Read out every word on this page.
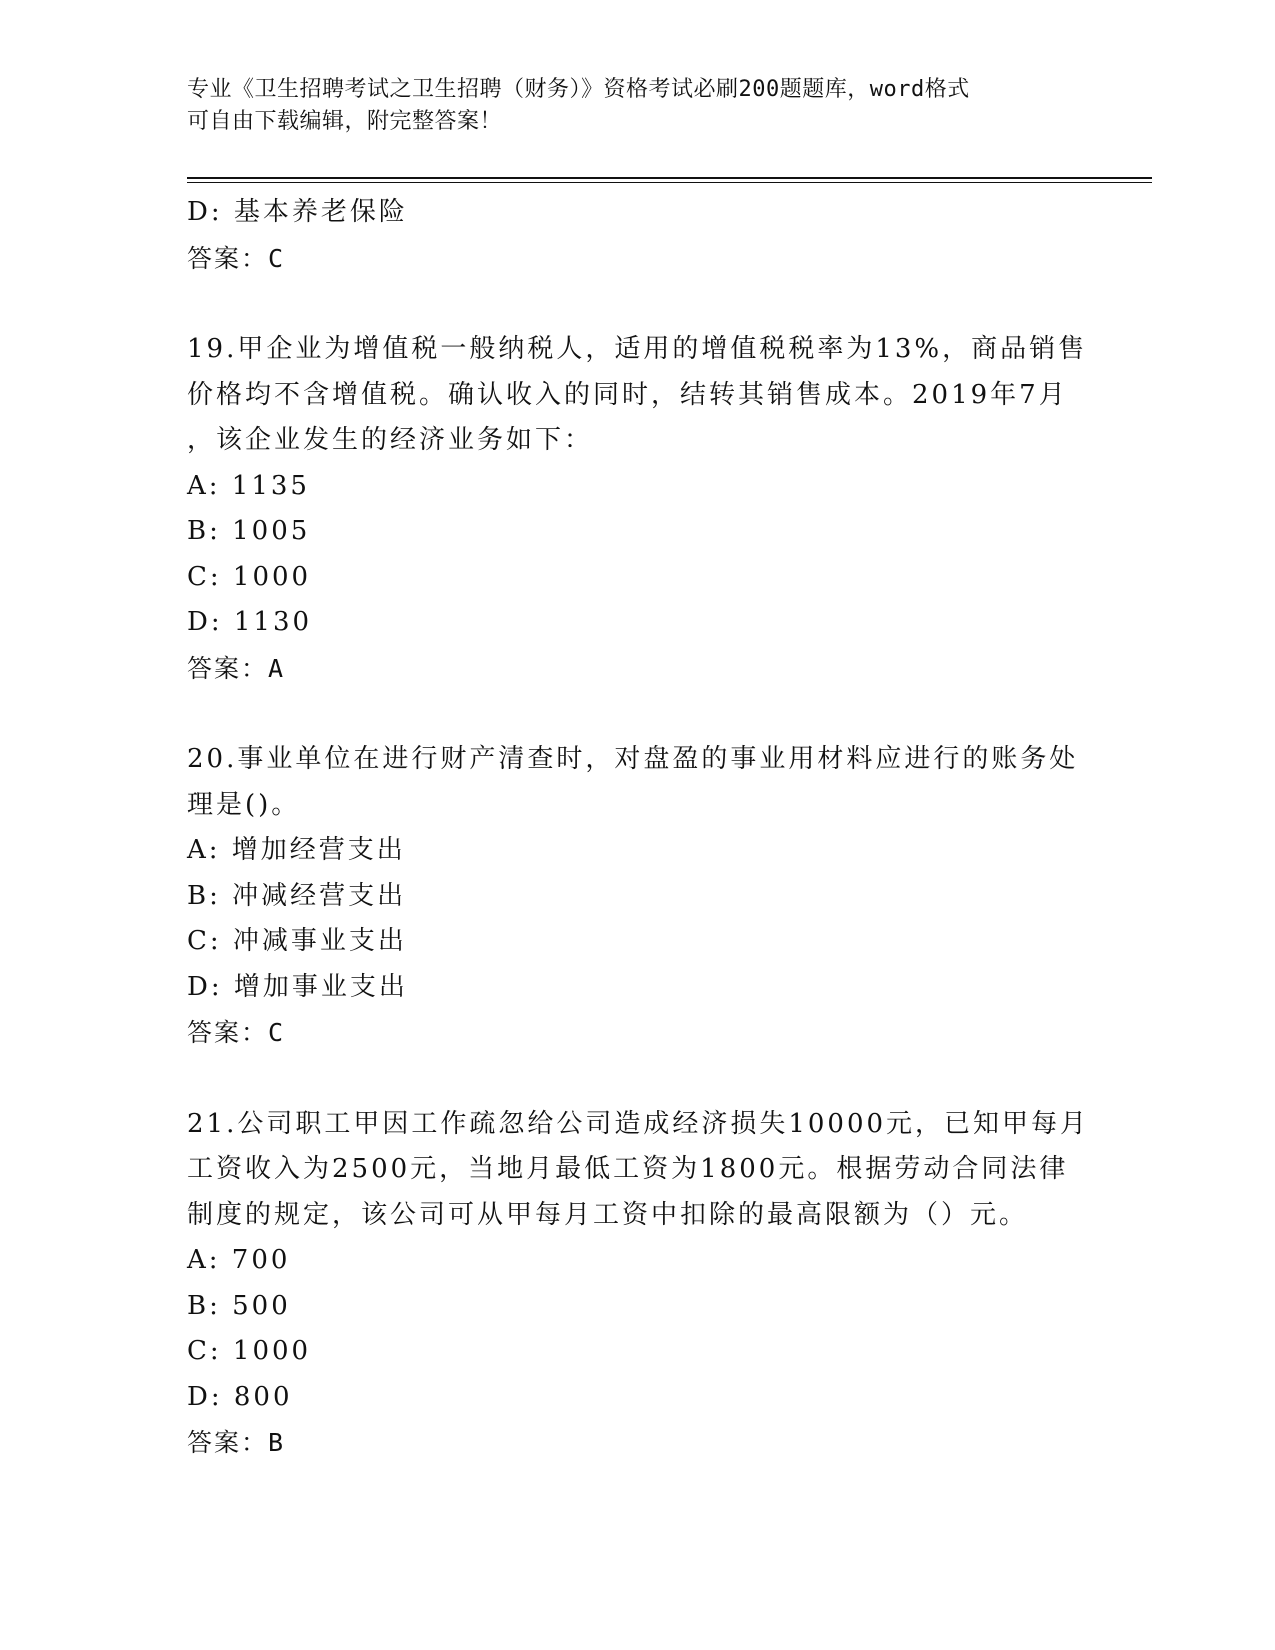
专业《卫生招聘考试之卫生招聘（财务）》资格考试必刷200题题库，word格式
可自由下载编辑，附完整答案！
D: 基本养老保险
答案：C
19.甲企业为增值税一般纳税人，适用的增值税税率为13%，商品销售
价格均不含增值税。确认收入的同时，结转其销售成本。2019年7月
，该企业发生的经济业务如下：
A: 1135
B: 1005
C: 1000
D: 1130
答案：A
20.事业单位在进行财产清查时，对盘盈的事业用材料应进行的账务处
理是()。
A: 增加经营支出
B: 冲减经营支出
C: 冲减事业支出
D: 增加事业支出
答案：C
21.公司职工甲因工作疏忽给公司造成经济损失10000元，已知甲每月
工资收入为2500元，当地月最低工资为1800元。根据劳动合同法律
制度的规定，该公司可从甲每月工资中扣除的最高限额为（）元。
A: 700
B: 500
C: 1000
D: 800
答案：B
